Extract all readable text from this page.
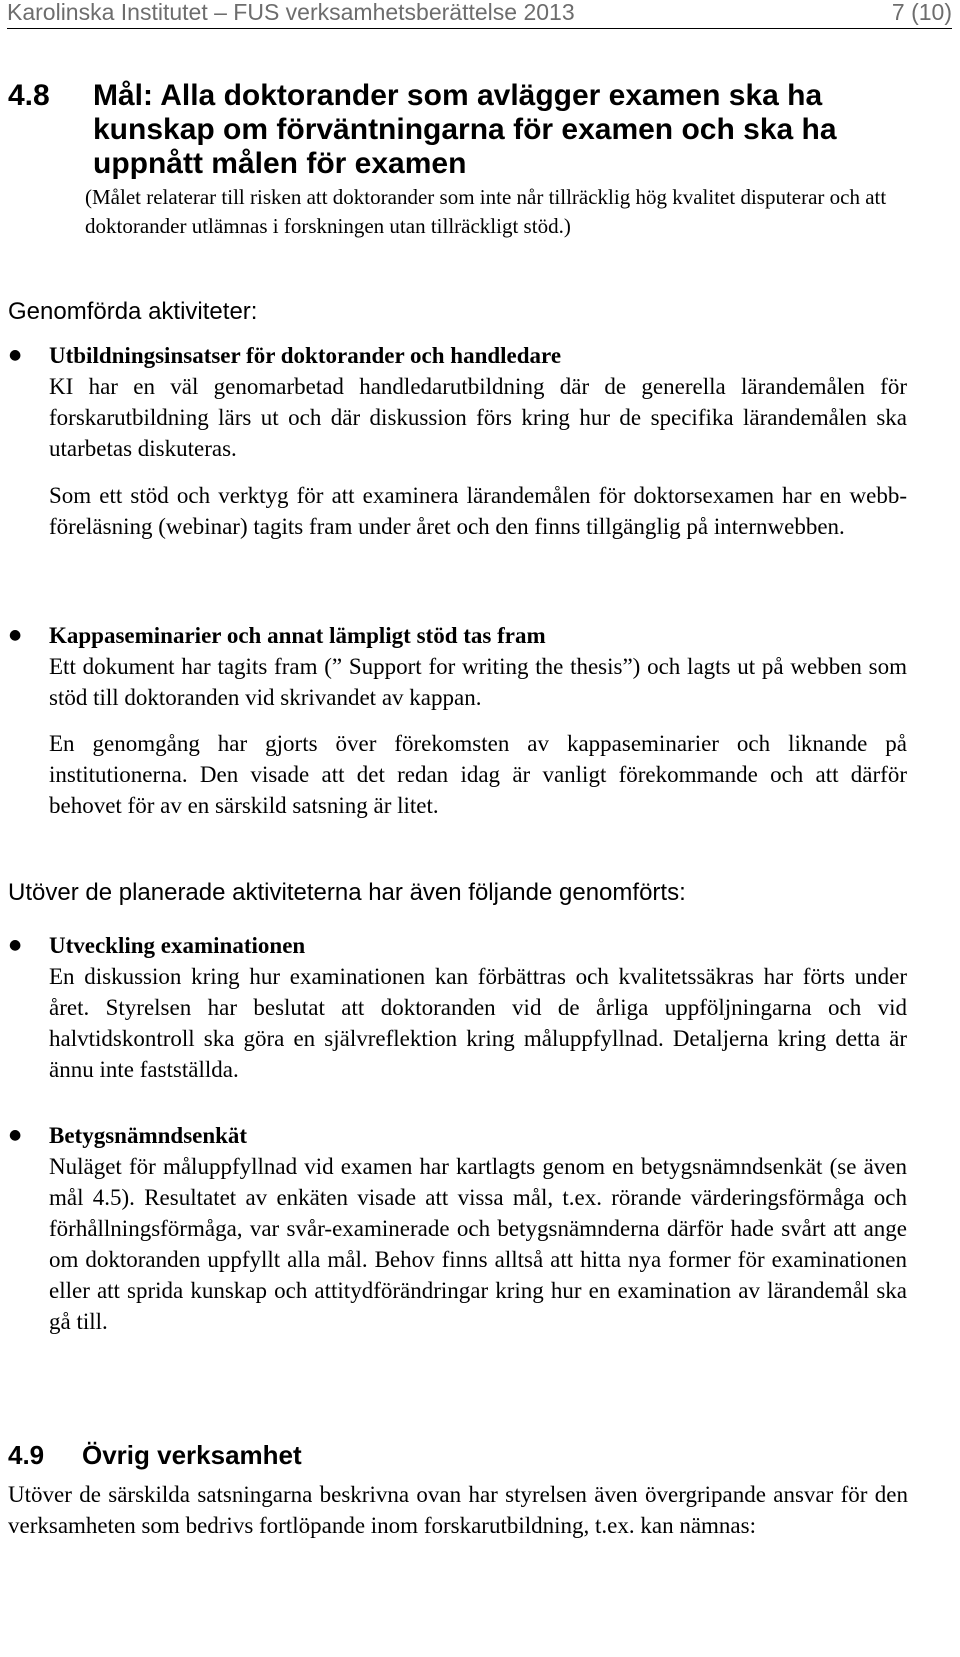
Karolinska Institutet – FUS verksamhetsberättelse 2013	7 (10)
4.8 Mål: Alla doktorander som avlägger examen ska ha kunskap om förväntningarna för examen och ska ha uppnått målen för examen
(Målet relaterar till risken att doktorander som inte når tillräcklig hög kvalitet disputerar och att doktorander utlämnas i forskningen utan tillräckligt stöd.)
Genomförda aktiviteter:
● Utbildningsinsatser för doktorander och handledare
KI har en väl genomarbetad handledarutbildning där de generella lärandemålen för forskarutbildning lärs ut och där diskussion förs kring hur de specifika lärandemålen ska utarbetas diskuteras.
Som ett stöd och verktyg för att examinera lärandemålen för doktorsexamen har en webb-föreläsning (webinar) tagits fram under året och den finns tillgänglig på internwebben.
● Kappaseminarier och annat lämpligt stöd tas fram
Ett dokument har tagits fram (” Support for writing the thesis”) och lagts ut på webben som stöd till doktoranden vid skrivandet av kappan.
En genomgång har gjorts över förekomsten av kappaseminarier och liknande på institutionerna. Den visade att det redan idag är vanligt förekommande och att därför behovet för av en särskild satsning är litet.
Utöver de planerade aktiviteterna har även följande genomförts:
● Utveckling examinationen
En diskussion kring hur examinationen kan förbättras och kvalitetssäkras har förts under året. Styrelsen har beslutat att doktoranden vid de årliga uppföljningarna och vid halvtidskontroll ska göra en självreflektion kring måluppfyllnad. Detaljerna kring detta är ännu inte fastställda.
● Betygsnämndsenkät
Nuläget för måluppfyllnad vid examen har kartlagts genom en betygsnämndsenkät (se även mål 4.5). Resultatet av enkäten visade att vissa mål, t.ex. rörande värderingsförmåga och förhållningsförmåga, var svår-examinerade och betygsnämnderna därför hade svårt att ange om doktoranden uppfyllt alla mål. Behov finns alltså att hitta nya former för examinationen eller att sprida kunskap och attitydförändringar kring hur en examination av lärandemål ska gå till.
4.9 Övrig verksamhet
Utöver de särskilda satsningarna beskrivna ovan har styrelsen även övergripande ansvar för den verksamheten som bedrivs fortlöpande inom forskarutbildning, t.ex. kan nämnas:
